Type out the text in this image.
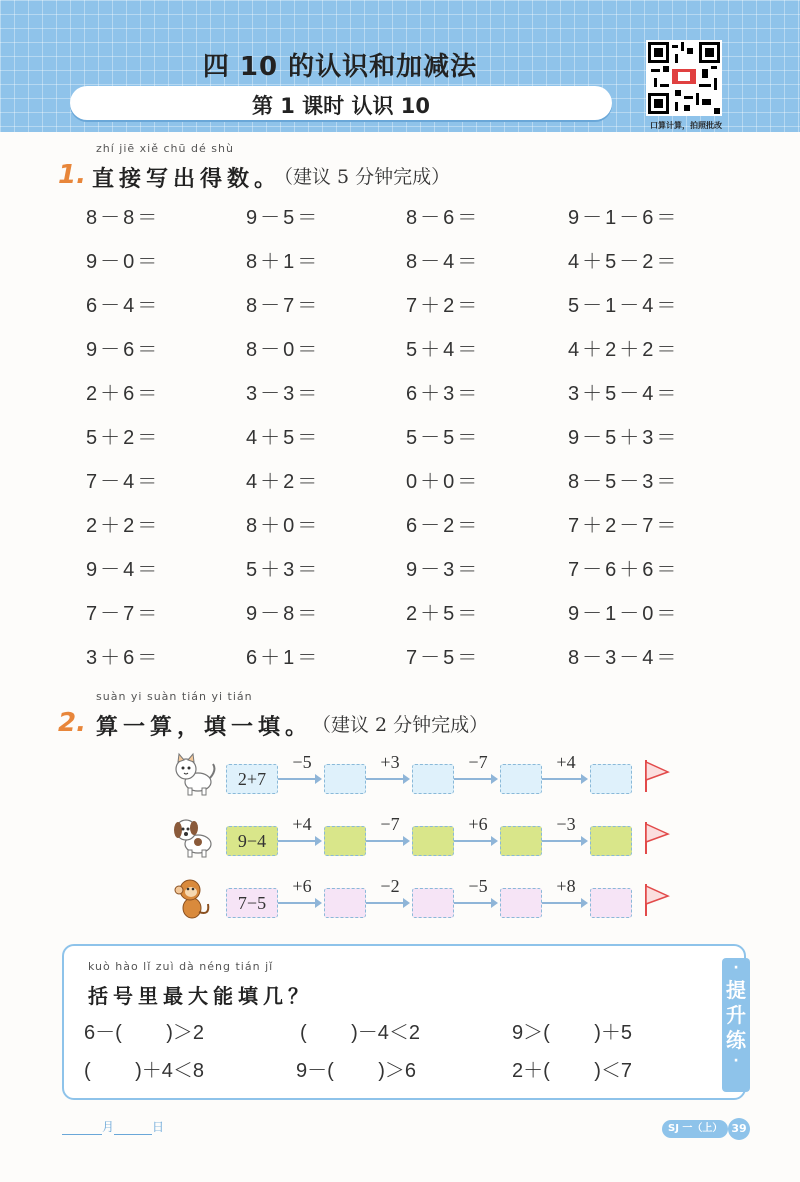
四 10 的认识和加减法
第 1 课时 认识 10
口算计算，拍照批改
zhí jiē xiě chū dé shù
1. 直接写出得数。
（建议 5 分钟完成）
8－8＝	9－5＝	8－6＝	9－1－6＝
9－0＝	8＋1＝	8－4＝	4＋5－2＝
6－4＝	8－7＝	7＋2＝	5－1－4＝
9－6＝	8－0＝	5＋4＝	4＋2＋2＝
2＋6＝	3－3＝	6＋3＝	3＋5－4＝
5＋2＝	4＋5＝	5－5＝	9－5＋3＝
7－4＝	4＋2＝	0＋0＝	8－5－3＝
2＋2＝	8＋0＝	6－2＝	7＋2－7＝
9－4＝	5＋3＝	9－3＝	7－6＋6＝
7－7＝	9－8＝	2＋5＝	9－1－0＝
3＋6＝	6＋1＝	7－5＝	8－3－4＝
suàn yi suàn tián yi tián
2. 算一算，填一填。 （建议 2 分钟完成）
2+7
−5	+3	−7	+4
9−4
+4	−7	+6	−3
7−5
+6	−2	−5	+8
·
提
升
练
·
kuò hào lǐ zuì dà néng tián jǐ
括号里最大能填几？
6－(        )＞2	(        )－4＜2	9＞(        )＋5
(        )＋4＜8	9－(        )＞6	2＋(        )＜7
月	日	SJ 一（上） 39
